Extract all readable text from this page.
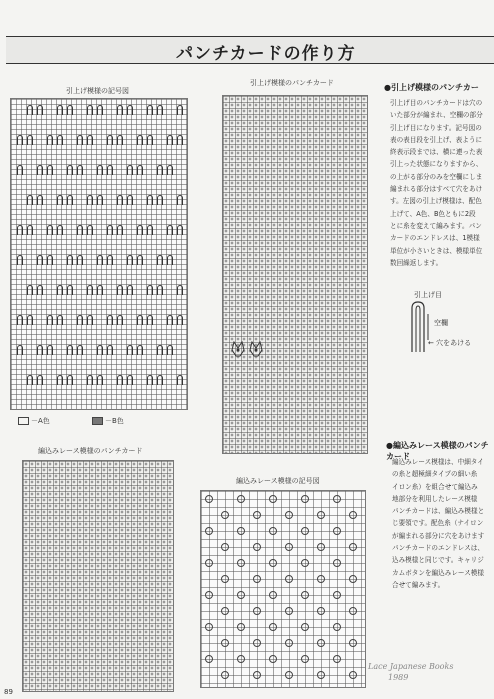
パンチカードの作り方
引上げ模様の記号図
－A色	－B色
引上げ模様のパンチカード
編込みレース模様のパンチカード
編込みレース模様の記号図
●引上げ模様のパンチカー
引上げ目のパンチカードは穴の
いた部分が編まれ、空欄の部分
引上げ目になります。記号図の
表の表目段を引上げ、表ように
終表示段までは、横に連った表
引上った状態になりますから、
の上がる部分のみを空欄にしま
編まれる部分はすべて穴をあけ
す。左図の引上げ模様は、配色
上げて、A色、B色ともに2段
とに糸を変えて編みます。パン
カードのエンドレスは、1模様
単位が小さいときは、模様単位
数回繰返します。
引上げ目
空欄
← 穴をあける
●編込みレース模様のパンチカード
編込みレース模様は、中細タイ
の糸と超極細タイプの細い糸
イロン糸）を組合せて編込み
地部分を利用したレース模様
パンチカードは、編込み模様と
じ要領です。配色糸（ナイロン
が編まれる部分に穴をあけます
パンチカードのエンドレスは、
込み模様と同じです。キャリジ
カムボタンを編込みレース模様
合せて編みます。
Lace Japanese Books
1989
89
